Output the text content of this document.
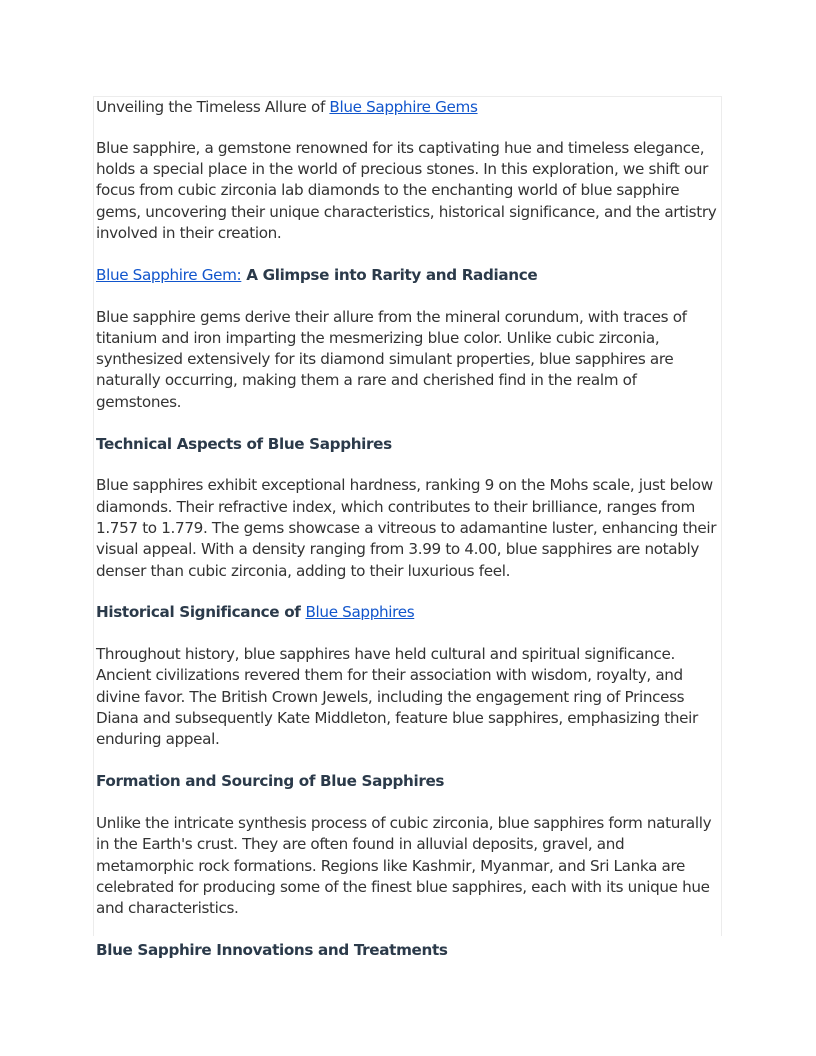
Unveiling the Timeless Allure of Blue Sapphire Gems

Blue sapphire, a gemstone renowned for its captivating hue and timeless elegance, holds a special place in the world of precious stones. In this exploration, we shift our focus from cubic zirconia lab diamonds to the enchanting world of blue sapphire gems, uncovering their unique characteristics, historical significance, and the artistry involved in their creation.

Blue Sapphire Gem: A Glimpse into Rarity and Radiance

Blue sapphire gems derive their allure from the mineral corundum, with traces of titanium and iron imparting the mesmerizing blue color. Unlike cubic zirconia, synthesized extensively for its diamond simulant properties, blue sapphires are naturally occurring, making them a rare and cherished find in the realm of gemstones.

Technical Aspects of Blue Sapphires

Blue sapphires exhibit exceptional hardness, ranking 9 on the Mohs scale, just below diamonds. Their refractive index, which contributes to their brilliance, ranges from 1.757 to 1.779. The gems showcase a vitreous to adamantine luster, enhancing their visual appeal. With a density ranging from 3.99 to 4.00, blue sapphires are notably denser than cubic zirconia, adding to their luxurious feel.

Historical Significance of Blue Sapphires

Throughout history, blue sapphires have held cultural and spiritual significance. Ancient civilizations revered them for their association with wisdom, royalty, and divine favor. The British Crown Jewels, including the engagement ring of Princess Diana and subsequently Kate Middleton, feature blue sapphires, emphasizing their enduring appeal.

Formation and Sourcing of Blue Sapphires

Unlike the intricate synthesis process of cubic zirconia, blue sapphires form naturally in the Earth's crust. They are often found in alluvial deposits, gravel, and metamorphic rock formations. Regions like Kashmir, Myanmar, and Sri Lanka are celebrated for producing some of the finest blue sapphires, each with its unique hue and characteristics.

Blue Sapphire Innovations and Treatments
